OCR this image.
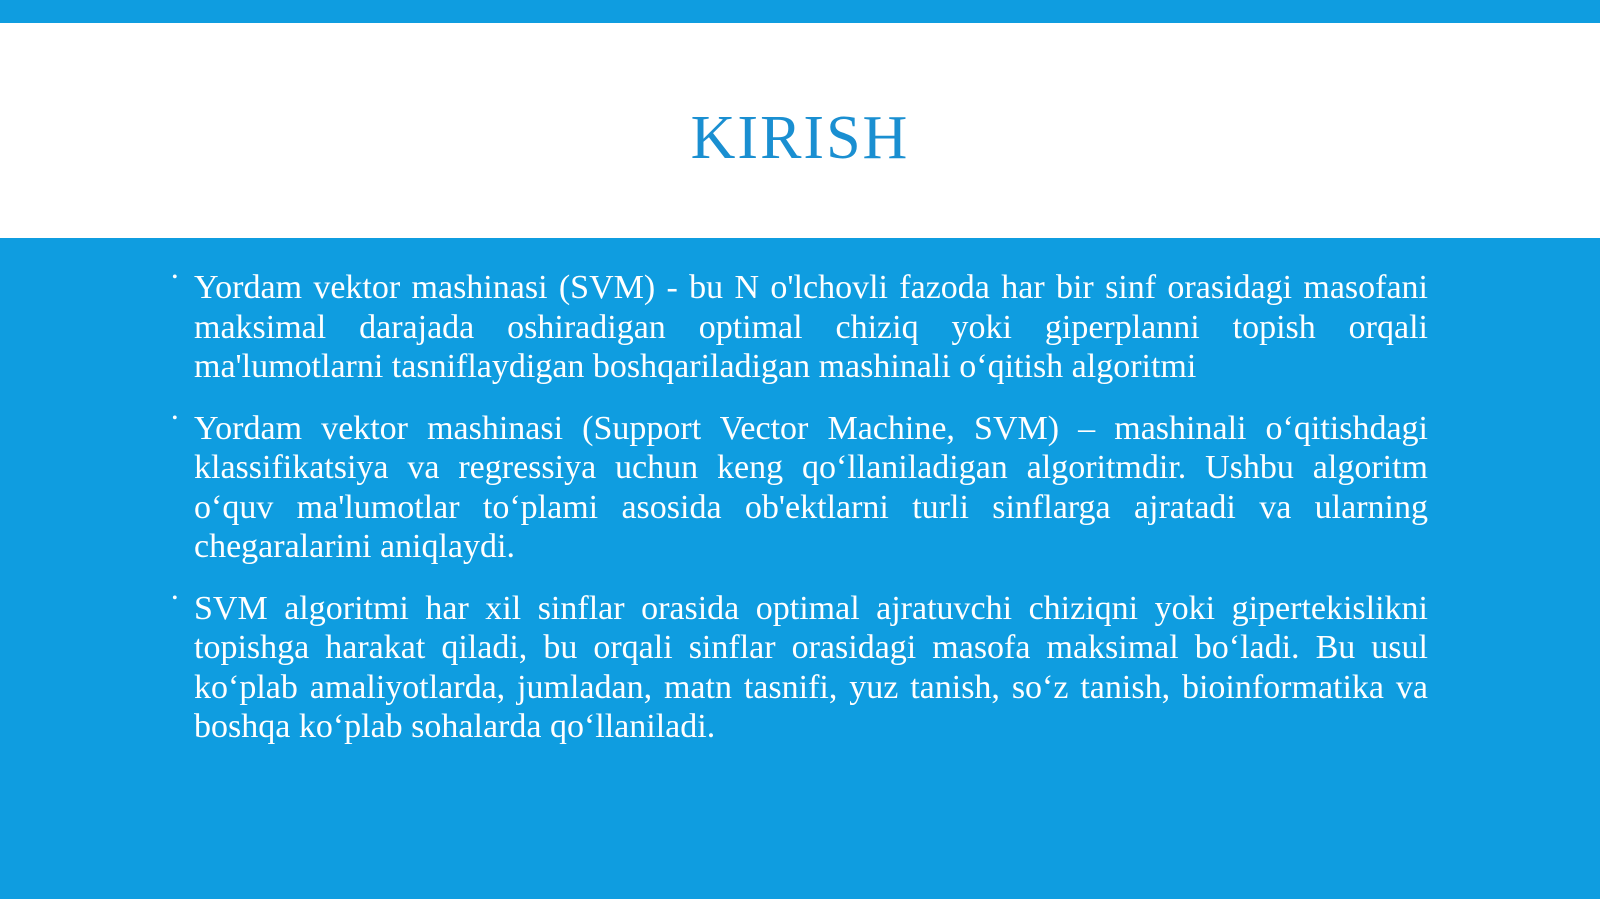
KIRISH
• Yordam vektor mashinasi (SVM) - bu N o'lchovli fazoda har bir sinf orasidagi masofani maksimal darajada oshiradigan optimal chiziq yoki giperplanni topish orqali ma'lumotlarni tasniflaydigan boshqariladigan mashinali o‘qitish algoritmi
• Yordam vektor mashinasi (Support Vector Machine, SVM) – mashinali o‘qitishdagi klassifikatsiya va regressiya uchun keng qo‘llaniladigan algoritmdir. Ushbu algoritm o‘quv ma'lumotlar to‘plami asosida ob'ektlarni turli sinflarga ajratadi va ularning chegaralarini aniqlaydi.
• SVM algoritmi har xil sinflar orasida optimal ajratuvchi chiziqni yoki gipertekislikni topishga harakat qiladi, bu orqali sinflar orasidagi masofa maksimal bo‘ladi. Bu usul ko‘plab amaliyotlarda, jumladan, matn tasnifi, yuz tanish, so‘z tanish, bioinformatika va boshqa ko‘plab sohalarda qo‘llaniladi.
